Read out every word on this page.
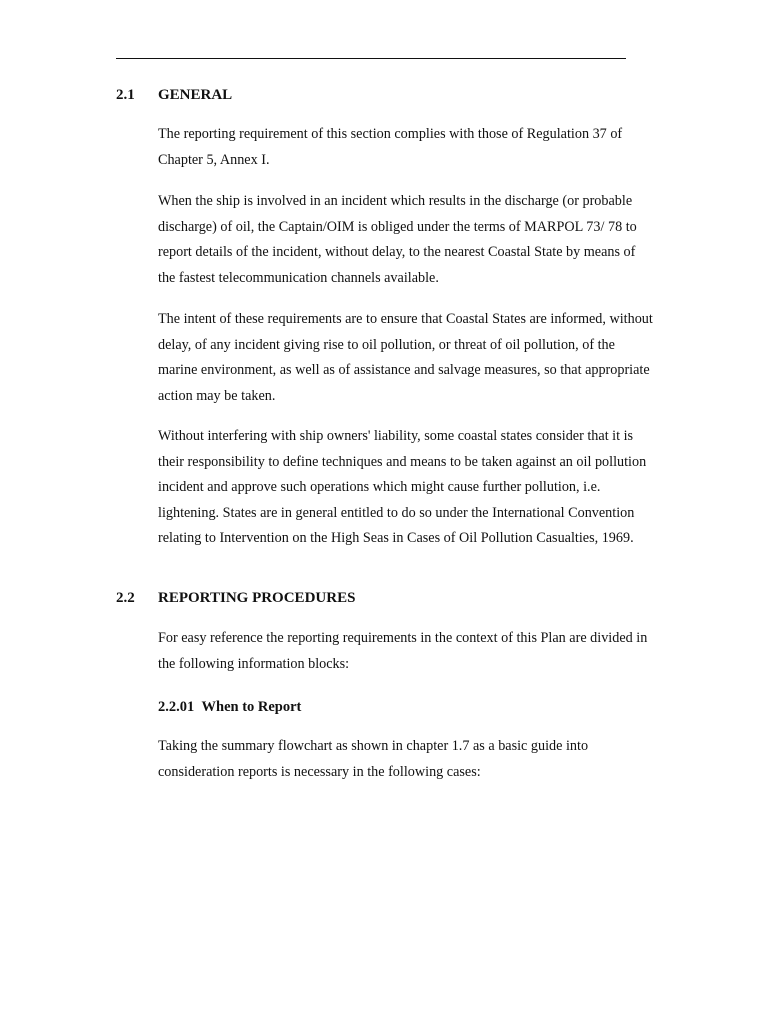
2.1 GENERAL

The reporting requirement of this section complies with those of Regulation 37 of
Chapter 5, Annex I.

When the ship is involved in an incident which results in the discharge (or probable
discharge) of oil, the Captain/OIM is obliged under the terms of MARPOL 73/ 78 to
report details of the incident, without delay, to the nearest Coastal State by means of
the fastest telecommunication channels available.

The intent of these requirements are to ensure that Coastal States are informed, without
delay, of any incident giving rise to oil pollution, or threat of oil pollution, of the
marine environment, as well as of assistance and salvage measures, so that appropriate
action may be taken.

Without interfering with ship owners' liability, some coastal states consider that it is
their responsibility to define techniques and means to be taken against an oil pollution
incident and approve such operations which might cause further pollution, i.e.
lightening. States are in general entitled to do so under the International Convention
relating to Intervention on the High Seas in Cases of Oil Pollution Casualties, 1969.

2.2 REPORTING PROCEDURES

For easy reference the reporting requirements in the context of this Plan are divided in
the following information blocks:

2.2.01 When to Report

Taking the summary flowchart as shown in chapter 1.7 as a basic guide into
consideration reports is necessary in the following cases:
